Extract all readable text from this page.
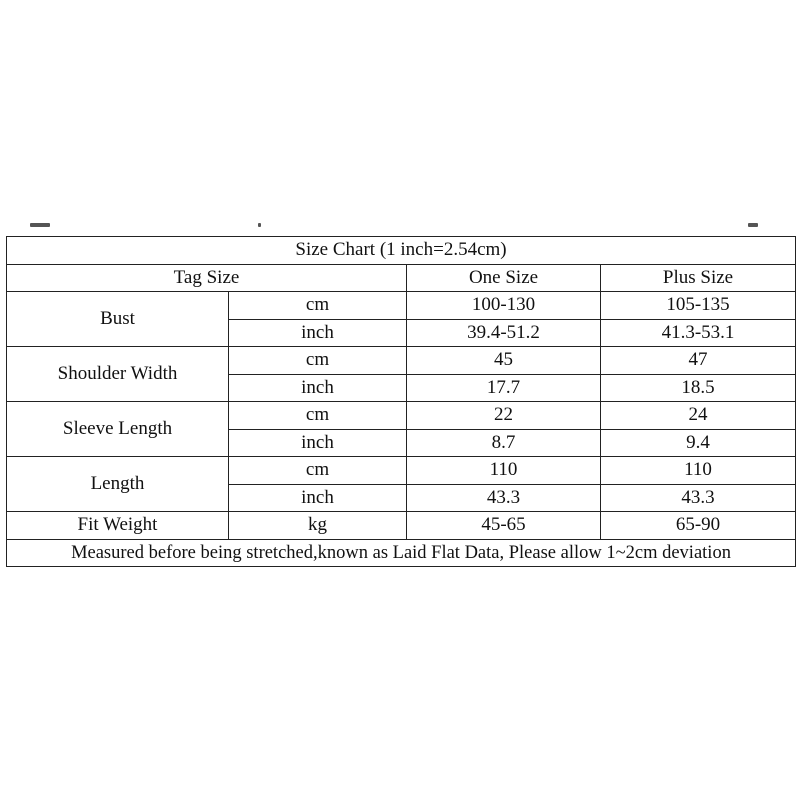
Size Chart (1 inch=2.54cm)			
Tag Size		One Size	Plus Size
Bust	cm	100-130	105-135
	inch	39.4-51.2	41.3-53.1
Shoulder Width	cm	45	47
	inch	17.7	18.5
Sleeve Length	cm	22	24
	inch	8.7	9.4
Length	cm	110	110
	inch	43.3	43.3
Fit Weight	kg	45-65	65-90
Measured before being stretched,known as Laid Flat Data, Please allow 1~2cm deviation			
